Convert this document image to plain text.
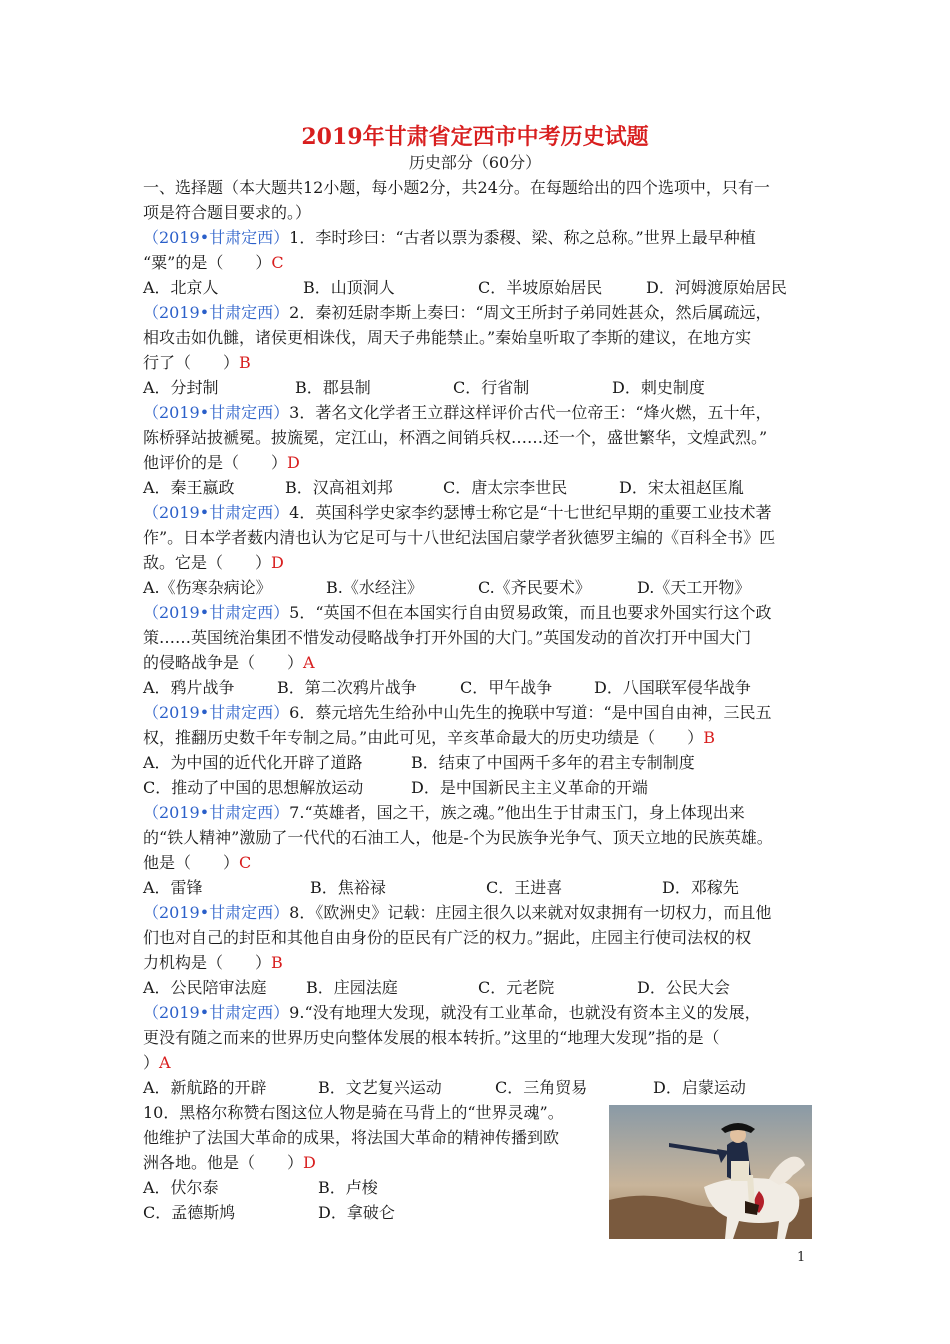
2019年甘肃省定西市中考历史试题
历史部分（60分）
一、选择题（本大题共12小题，每小题2分，共24分。在每题给出的四个选项中，只有一
项是符合题目要求的。）
（2019•甘肃定西）1．李时珍曰：“古者以票为黍稷、梁、称之总称。”世界上最早种植
“粟”的是（　　）C
A．北京人	B．山顶洞人	C．半坡原始居民	D．河姆渡原始居民
（2019•甘肃定西）2．秦初廷尉李斯上奏曰：“周文王所封子弟同姓甚众，然后属疏远，
相攻击如仇雠，诸侯更相诛伐，周天子弗能禁止。”秦始皇听取了李斯的建议，在地方实
行了（　　）B
A．分封制	B．郡县制	C．行省制	D．刺史制度
（2019•甘肃定西）3．著名文化学者王立群这样评价古代一位帝王：“烽火燃，五十年，
陈桥驿站披褫冕。披旒冕，定江山，杯酒之间销兵权……还一个，盛世繁华，文煌武烈。”
他评价的是（　　）D
A．秦王嬴政	B．汉高祖刘邦	C．唐太宗李世民	D．宋太祖赵匡胤
（2019•甘肃定西）4．英国科学史家李约瑟博士称它是“十七世纪早期的重要工业技术著
作”。日本学者薮内清也认为它足可与十八世纪法国启蒙学者狄德罗主编的《百科全书》匹
敌。它是（　　）D
A.《伤寒杂病论》	B.《水经注》	C.《齐民要术》	D.《天工开物》
（2019•甘肃定西）5．“英国不但在本国实行自由贸易政策，而且也要求外国实行这个政
策……英国统治集团不惜发动侵略战争打开外国的大门。”英国发动的首次打开中国大门
的侵略战争是（　　）A
A．鸦片战争	B．第二次鸦片战争	C．甲午战争	D．八国联军侵华战争
（2019•甘肃定西）6．蔡元培先生给孙中山先生的挽联中写道：“是中国自由神，三民五
权，推翻历史数千年专制之局。”由此可见，辛亥革命最大的历史功绩是（　　）B
A．为中国的近代化开辟了道路	B．结束了中国两千多年的君主专制制度
C．推动了中国的思想解放运动	D．是中国新民主主义革命的开端
（2019•甘肃定西）7.“英雄者，国之干，族之魂。”他出生于甘肃玉门，身上体现出来
的“铁人精神”激励了一代代的石油工人，他是-个为民族争光争气、顶天立地的民族英雄。
他是（　　）C
A．雷锋	B．焦裕禄	C．王进喜	D．邓稼先
（2019•甘肃定西）8．《欧洲史》记载：庄园主很久以来就对奴隶拥有一切权力，而且他
们也对自己的封臣和其他自由身份的臣民有广泛的权力。”据此，庄园主行使司法权的权
力机构是（　　）B
A．公民陪审法庭 B．庄园法庭	C．元老院	D．公民大会
（2019•甘肃定西）9.“没有地理大发现，就没有工业革命，也就没有资本主义的发展，
更没有随之而来的世界历史向整体发展的根本转折。”这里的“地理大发现”指的是（
）A
A．新航路的开辟	B．文艺复兴运动	C．三角贸易	D．启蒙运动
10．黑格尔称赞右图这位人物是骑在马背上的“世界灵魂”。
他维护了法国大革命的成果，将法国大革命的精神传播到欧
洲各地。他是（　　）D
A．伏尔泰	B．卢梭
C．孟德斯鸠	D．拿破仑
1
